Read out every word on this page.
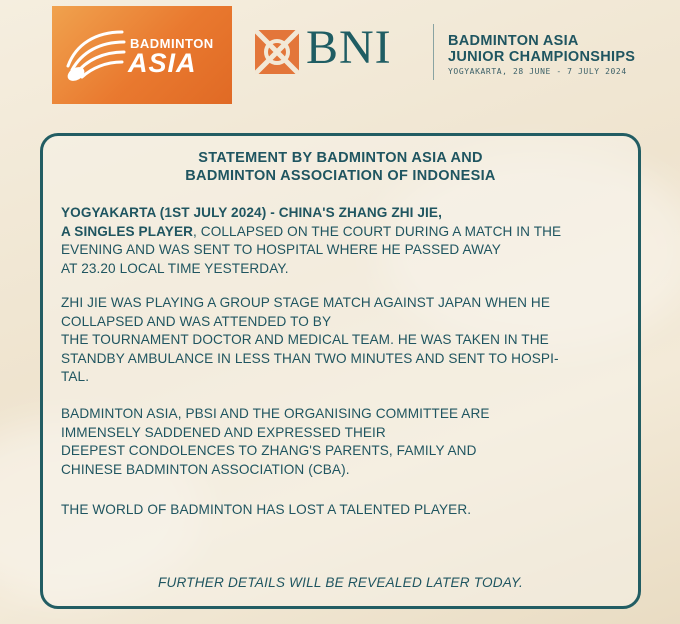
BADMINTON
ASIA BNI	BADMINTON ASIA
JUNIOR CHAMPIONSHIPS
YOGYAKARTA, 28 JUNE - 7 JULY 2024
STATEMENT BY BADMINTON ASIA AND
BADMINTON ASSOCIATION OF INDONESIA
YOGYAKARTA (1ST JULY 2024) - CHINA'S ZHANG ZHI JIE,
A SINGLES PLAYER, COLLAPSED ON THE COURT DURING A MATCH IN THE
EVENING AND WAS SENT TO HOSPITAL WHERE HE PASSED AWAY
AT 23.20 LOCAL TIME YESTERDAY.
ZHI JIE WAS PLAYING A GROUP STAGE MATCH AGAINST JAPAN WHEN HE
COLLAPSED AND WAS ATTENDED TO BY
THE TOURNAMENT DOCTOR AND MEDICAL TEAM. HE WAS TAKEN IN THE
STANDBY AMBULANCE IN LESS THAN TWO MINUTES AND SENT TO HOSPI-
TAL.
BADMINTON ASIA, PBSI AND THE ORGANISING COMMITTEE ARE
IMMENSELY SADDENED AND EXPRESSED THEIR
DEEPEST CONDOLENCES TO ZHANG'S PARENTS, FAMILY AND
CHINESE BADMINTON ASSOCIATION (CBA).
THE WORLD OF BADMINTON HAS LOST A TALENTED PLAYER.
FURTHER DETAILS WILL BE REVEALED LATER TODAY.
